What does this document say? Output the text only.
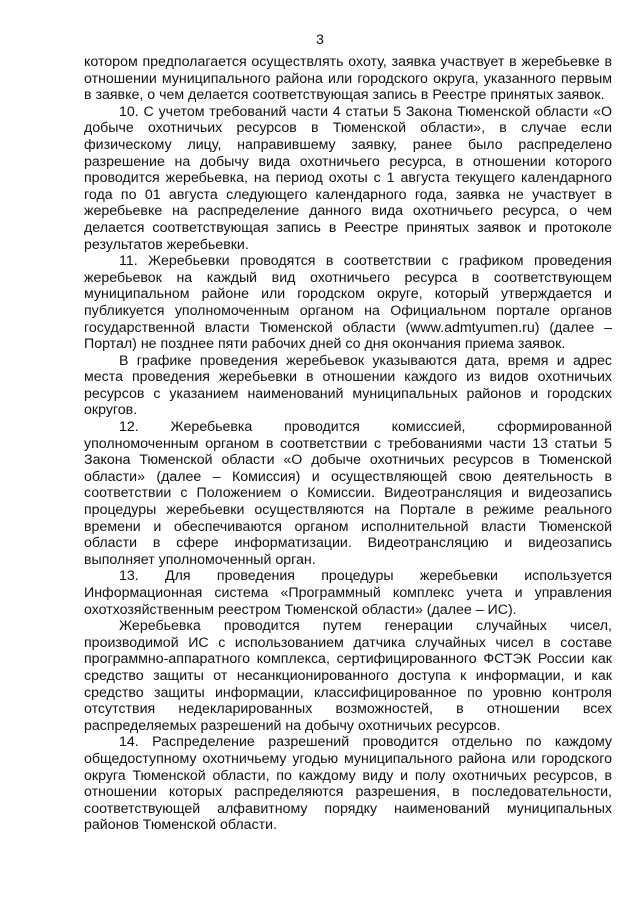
3

котором предполагается осуществлять охоту, заявка участвует в жеребьевке в отношении муниципального района или городского округа, указанного первым в заявке, о чем делается соответствующая запись в Реестре принятых заявок.

10. С учетом требований части 4 статьи 5 Закона Тюменской области «О добыче охотничьих ресурсов в Тюменской области», в случае если физическому лицу, направившему заявку, ранее было распределено разрешение на добычу вида охотничьего ресурса, в отношении которого проводится жеребьевка, на период охоты с 1 августа текущего календарного года по 01 августа следующего календарного года, заявка не участвует в жеребьевке на распределение данного вида охотничьего ресурса, о чем делается соответствующая запись в Реестре принятых заявок и протоколе результатов жеребьевки.

11. Жеребьевки проводятся в соответствии с графиком проведения жеребьевок на каждый вид охотничьего ресурса в соответствующем муниципальном районе или городском округе, который утверждается и публикуется уполномоченным органом на Официальном портале органов государственной власти Тюменской области (www.admtyumen.ru) (далее – Портал) не позднее пяти рабочих дней со дня окончания приема заявок.

В графике проведения жеребьевок указываются дата, время и адрес места проведения жеребьевки в отношении каждого из видов охотничьих ресурсов с указанием наименований муниципальных районов и городских округов.

12. Жеребьевка проводится комиссией, сформированной уполномоченным органом в соответствии с требованиями части 13 статьи 5 Закона Тюменской области «О добыче охотничьих ресурсов в Тюменской области» (далее – Комиссия) и осуществляющей свою деятельность в соответствии с Положением о Комиссии. Видеотрансляция и видеозапись процедуры жеребьевки осуществляются на Портале в режиме реального времени и обеспечиваются органом исполнительной власти Тюменской области в сфере информатизации. Видеотрансляцию и видеозапись выполняет уполномоченный орган.

13. Для проведения процедуры жеребьевки используется Информационная система «Программный комплекс учета и управления охотхозяйственным реестром Тюменской области» (далее – ИС).

Жеребьевка проводится путем генерации случайных чисел, производимой ИС с использованием датчика случайных чисел в составе программно-аппаратного комплекса, сертифицированного ФСТЭК России как средство защиты от несанкционированного доступа к информации, и как средство защиты информации, классифицированное по уровню контроля отсутствия недекларированных возможностей, в отношении всех распределяемых разрешений на добычу охотничьих ресурсов.

14. Распределение разрешений проводится отдельно по каждому общедоступному охотничьему угодью муниципального района или городского округа Тюменской области, по каждому виду и полу охотничьих ресурсов, в отношении которых распределяются разрешения, в последовательности, соответствующей алфавитному порядку наименований муниципальных районов Тюменской области.
